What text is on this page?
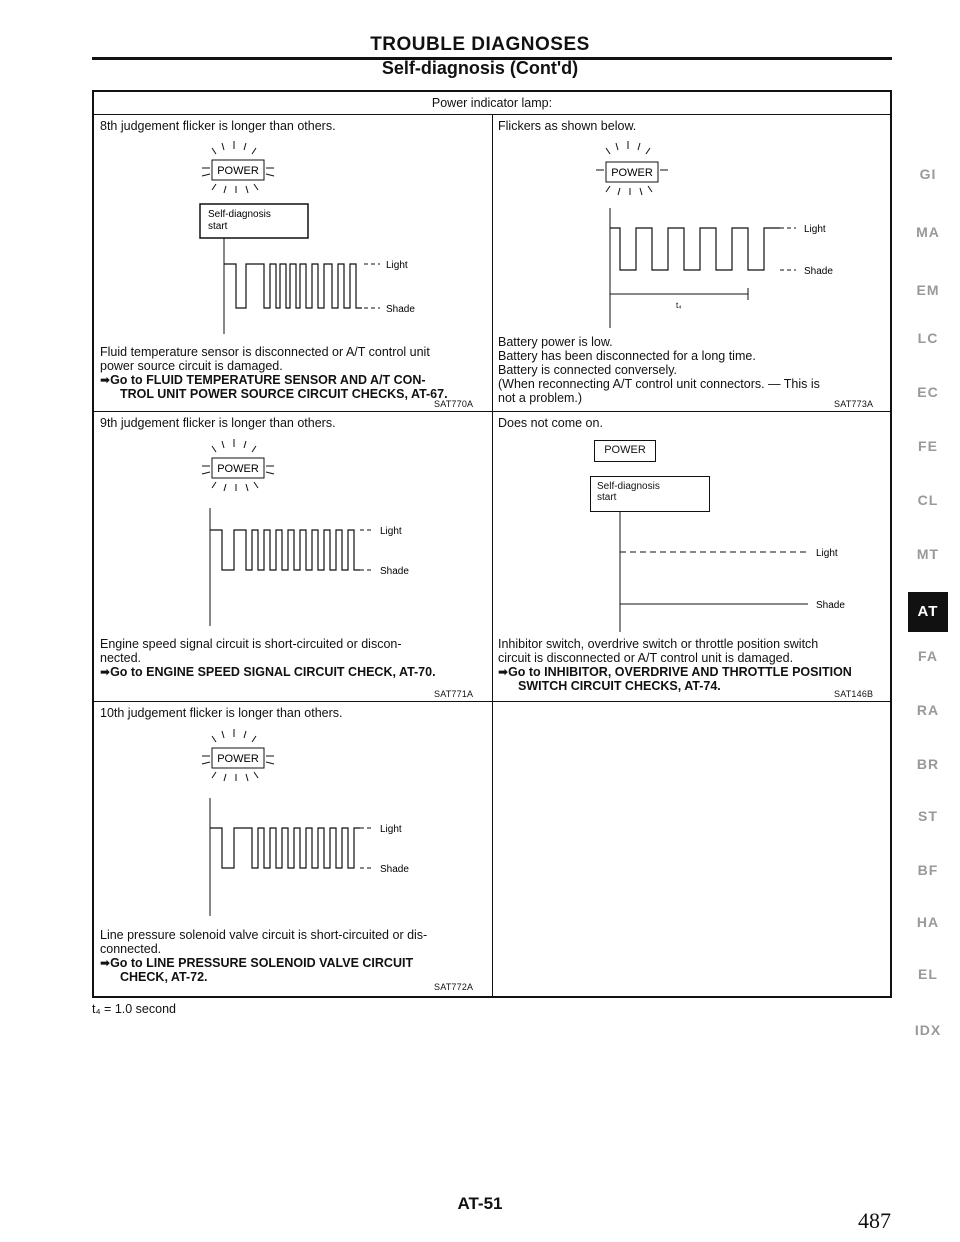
TROUBLE DIAGNOSES
Self-diagnosis (Cont'd)
Power indicator lamp:
8th judgement flicker is longer than others.
POWER
Self-diagnosis
start
Light
Shade
Fluid temperature sensor is disconnected or A/T control unit
power source circuit is damaged.
➡Go to FLUID TEMPERATURE SENSOR AND A/T CON-
TROL UNIT POWER SOURCE CIRCUIT CHECKS, AT-67.
SAT770A
Flickers as shown below.
POWER
Light
Shade
t₄
Battery power is low.
Battery has been disconnected for a long time.
Battery is connected conversely.
(When reconnecting A/T control unit connectors. — This is
not a problem.)	SAT773A
9th judgement flicker is longer than others.
POWER
Light
Shade
Engine speed signal circuit is short-circuited or discon-
nected.
➡Go to ENGINE SPEED SIGNAL CIRCUIT CHECK, AT-70.
SAT771A
Does not come on.
POWER
Self-diagnosis
start
Light
Shade
Inhibitor switch, overdrive switch or throttle position switch
circuit is disconnected or A/T control unit is damaged.
➡Go to INHIBITOR, OVERDRIVE AND THROTTLE POSITION
SWITCH CIRCUIT CHECKS, AT-74.
SAT146B
10th judgement flicker is longer than others.
POWER
Light
Shade
Line pressure solenoid valve circuit is short-circuited or dis-
connected.
➡Go to LINE PRESSURE SOLENOID VALVE CIRCUIT
CHECK, AT-72.
SAT772A
t₄ = 1.0 second
GI
MA
EM
LC
EC
FE
CL
MT
AT
FA
RA
BR
ST
BF
HA
EL
IDX
AT-51
487
